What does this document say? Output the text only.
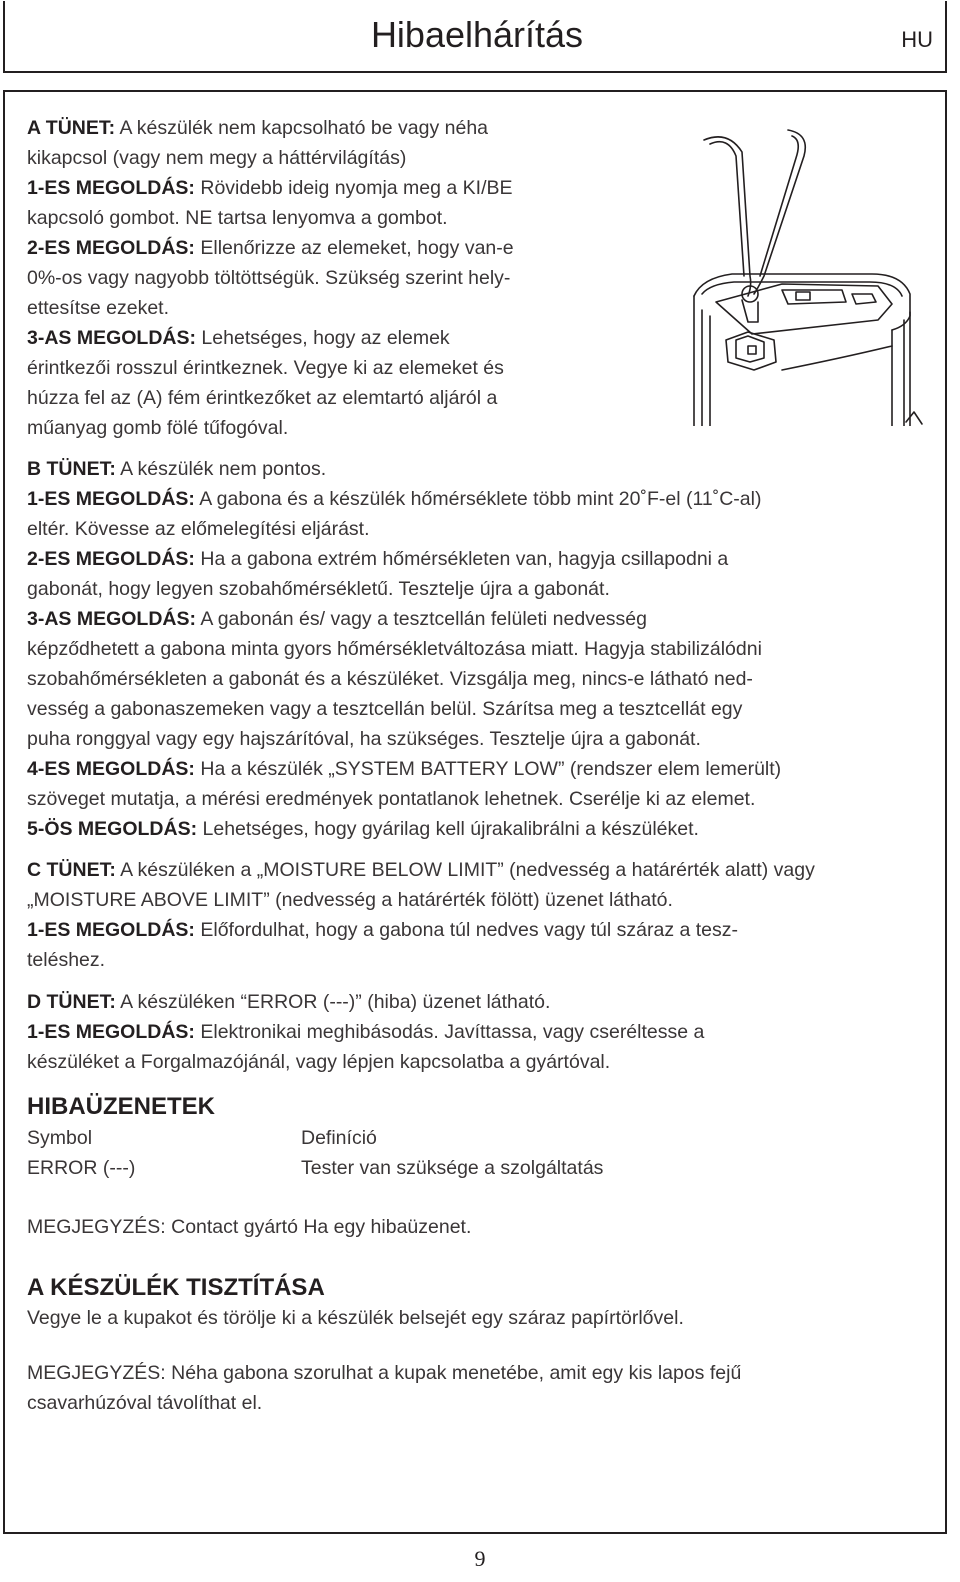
Hibaelhárítás	HU

A TÜNET: A készülék nem kapcsolható be vagy néha

kikapcsol (vagy nem megy a háttérvilágítás)

1-ES MEGOLDÁS: Rövidebb ideig nyomja meg a KI/BE

kapcsoló gombot. NE tartsa lenyomva a gombot.

2-ES MEGOLDÁS: Ellenőrizze az elemeket, hogy van-e

0%-os vagy nagyobb töltöttségük. Szükség szerint hely-

ettesítse ezeket.

3-AS MEGOLDÁS: Lehetséges, hogy az elemek

érintkezői rosszul érintkeznek. Vegye ki az elemeket és

húzza fel az (A) fém érintkezőket az elemtartó aljáról a

műanyag gomb fölé tűfogóval.

B TÜNET: A készülék nem pontos.

1-ES MEGOLDÁS: A gabona és a készülék hőmérséklete több mint 20˚F-el (11˚C-al)

eltér. Kövesse az előmelegítési eljárást.

2-ES MEGOLDÁS: Ha a gabona extrém hőmérsékleten van, hagyja csillapodni a

gabonát, hogy legyen szobahőmérsékletű. Tesztelje újra a gabonát.

3-AS MEGOLDÁS: A gabonán és/ vagy a tesztcellán felületi nedvesség

képződhetett a gabona minta gyors hőmérsékletváltozása miatt. Hagyja stabilizálódni

szobahőmérsékleten a gabonát és a készüléket. Vizsgálja meg, nincs-e látható ned-

vesség a gabonaszemeken vagy a tesztcellán belül. Szárítsa meg a tesztcellát egy

puha ronggyal vagy egy hajszárítóval, ha szükséges. Tesztelje újra a gabonát.

4-ES MEGOLDÁS: Ha a készülék „SYSTEM BATTERY LOW” (rendszer elem lemerült)

szöveget mutatja, a mérési eredmények pontatlanok lehetnek. Cserélje ki az elemet.

5-ÖS MEGOLDÁS: Lehetséges, hogy gyárilag kell újrakalibrálni a készüléket.

C TÜNET: A készüléken a „MOISTURE BELOW LIMIT” (nedvesség a határérték alatt) vagy

„MOISTURE ABOVE LIMIT” (nedvesség a határérték fölött) üzenet látható.

1-ES MEGOLDÁS: Előfordulhat, hogy a gabona túl nedves vagy túl száraz a tesz-

teléshez.

D TÜNET: A készüléken “ERROR (---)” (hiba) üzenet látható.

1-ES MEGOLDÁS: Elektronikai meghibásodás. Javíttassa, vagy cseréltesse a

készüléket a Forgalmazójánál, vagy lépjen kapcsolatba a gyártóval.

HIBAÜZENETEK

Symbol	Definíció

ERROR (---)	Tester van szüksége a szolgáltatás

MEGJEGYZÉS: Contact gyártó Ha egy hibaüzenet.

A KÉSZÜLÉK TISZTÍTÁSA

Vegye le a kupakot és törölje ki a készülék belsejét egy száraz papírtörlővel.

MEGJEGYZÉS: Néha gabona szorulhat a kupak menetébe, amit egy kis lapos fejű

csavarhúzóval távolíthat el.

9
